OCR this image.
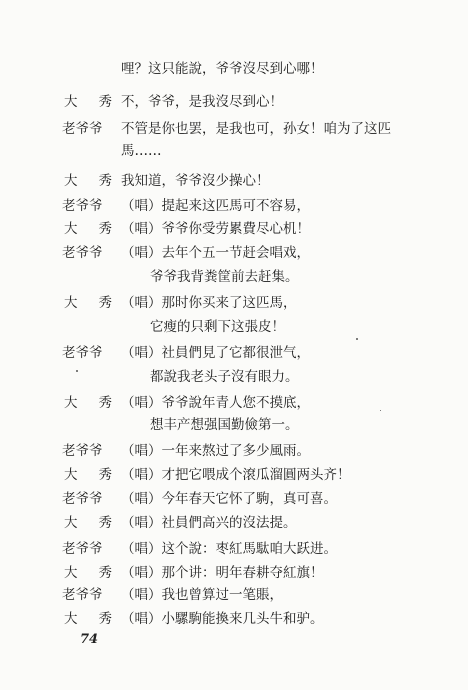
哩？这只能說，爷爷沒尽到心哪！
大 秀 不，爷爷，是我沒尽到心！
老爷爷	不管是你也罢，是我也可，孙女！咱为了这匹
馬……
大 秀 我知道，爷爷沒少操心！
老爷爷	（唱）提起来这匹馬可不容易，
大 秀 （唱）爷爷你受劳累費尽心机！
老爷爷	（唱）去年个五一节赶会唱戏，
爷爷我背粪筐前去赶集。
大 秀 （唱）那时你买来了这匹馬，
它瘦的只剩下这張皮！
老爷爷	（唱）社員們見了它都很泄气，
都說我老头子沒有眼力。
大 秀 （唱）爷爷說年青人您不摸底，
想丰产想强国勤儉第一。
老爷爷	（唱）一年来熬过了多少風雨。
大 秀 （唱）才把它喂成个滾瓜溜圓两头齐！
老爷爷	（唱）今年春天它怀了駒，真可喜。
大 秀 （唱）社員們高兴的沒法提。
老爷爷	（唱）这个說：枣紅馬駄咱大跃进。
大 秀 （唱）那个讲：明年春耕夺紅旗！
老爷爷	（唱）我也曾算过一笔賬，
大 秀 （唱）小騾駒能換来几头牛和驴。
74
